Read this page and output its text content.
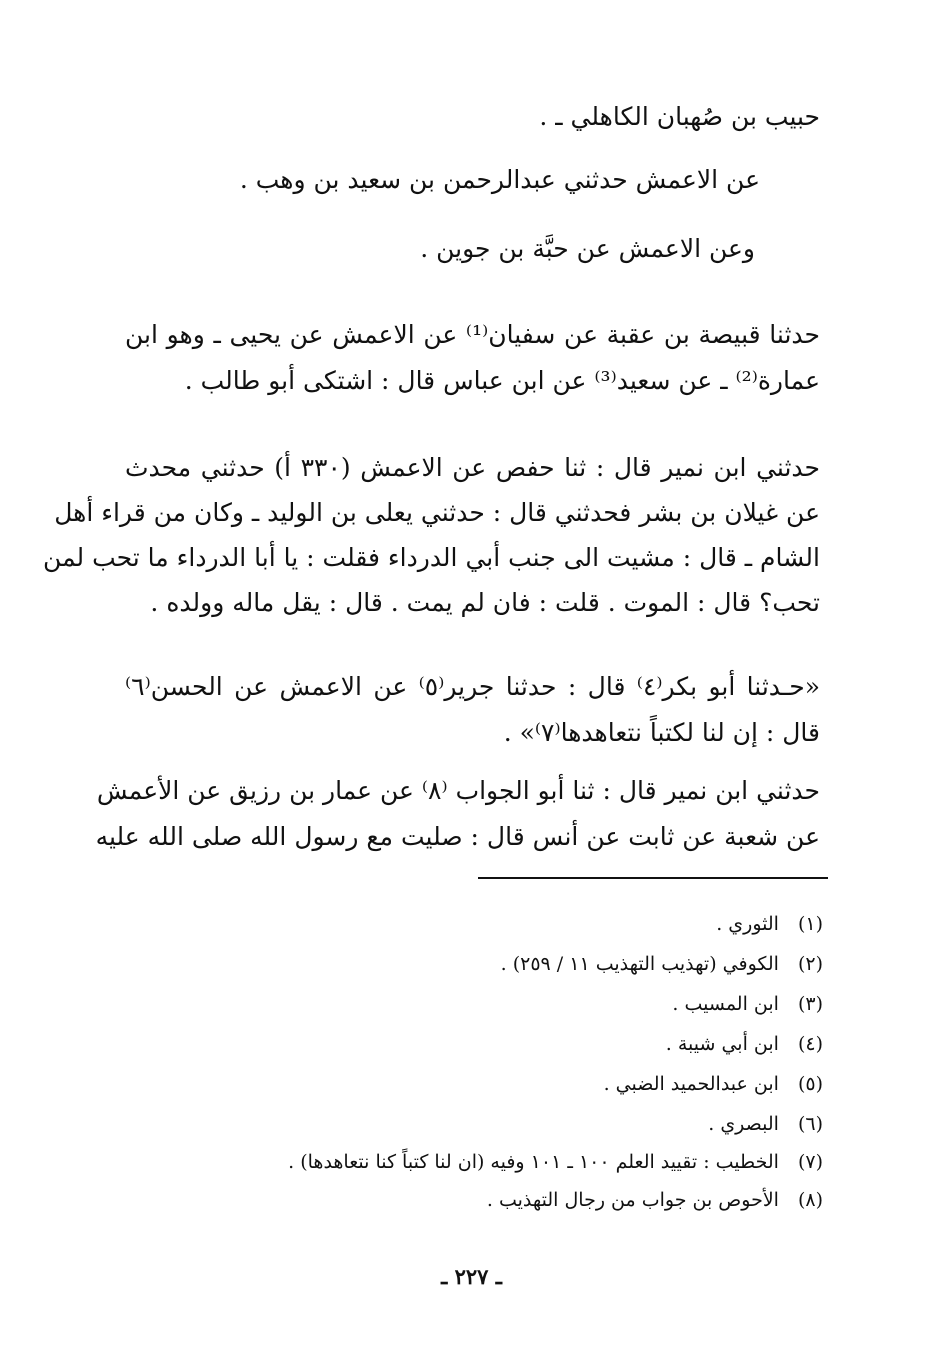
حبيب بن صُهبان الكاهلي ـ .
عن الاعمش حدثني عبدالرحمن بن سعيد بن وهب .
وعن الاعمش عن حبَّة بن جوين .
حدثنا قبيصة بن عقبة عن سفيان⁽¹⁾ عن الاعمش عن يحيى ـ وهو ابن
عمارة⁽²⁾ ـ عن سعيد⁽³⁾ عن ابن عباس قال : اشتكى أبو طالب .
حدثني ابن نمير قال : ثنا حفص عن الاعمش (٣٣٠ أ) حدثني محدث
عن غيلان بن بشر فحدثني قال : حدثني يعلى بن الوليد ـ وكان من قراء أهل
الشام ـ قال : مشيت الى جنب أبي الدرداء فقلت : يا أبا الدرداء ما تحب لمن
تحب؟ قال : الموت . قلت : فان لم يمت . قال : يقل ماله وولده .
«حـدثنا أبو بكر⁽٤⁾ قال : حدثنا جرير⁽٥⁾ عن الاعمش عن الحسن⁽٦⁾
قال : إن لنا لكتباً نتعاهدها⁽٧⁾» .
حدثني ابن نمير قال : ثنا أبو الجواب ⁽٨⁾ عن عمار بن رزيق عن الأعمش
عن شعبة عن ثابت عن أنس قال : صليت مع رسول الله صلى الله عليه
(١) الثوري .
(٢) الكوفي (تهذيب التهذيب ١١ / ٢٥٩) .
(٣) ابن المسيب .
(٤) ابن أبي شيبة .
(٥) ابن عبدالحميد الضبي .
(٦) البصري .
(٧) الخطيب : تقييد العلم ١٠٠ ـ ١٠١ وفيه (ان لنا كتباً كنا نتعاهدها) .
(٨) الأحوص بن جواب من رجال التهذيب .
ـ ٢٢٧ ـ
